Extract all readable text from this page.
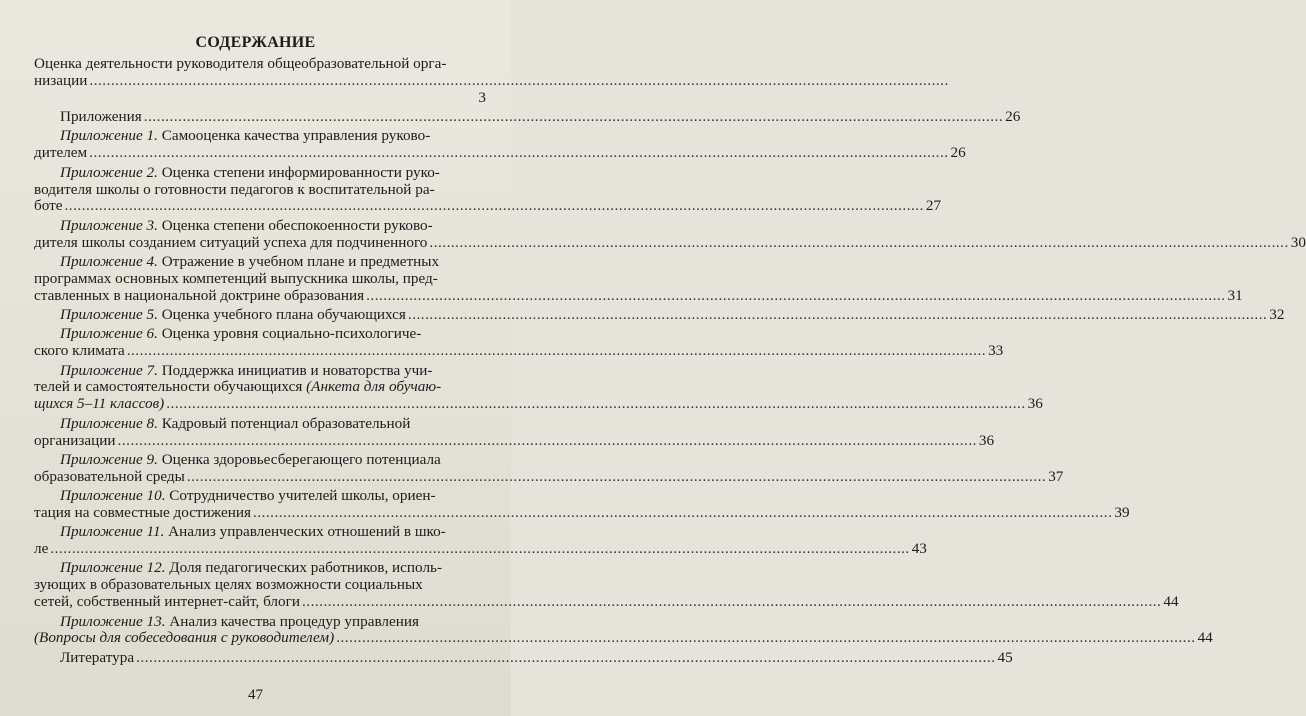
СОДЕРЖАНИЕ
Оценка деятельности руководителя общеобразовательной орга-
низации ........................................................................................................................................................................................................
3
Приложения ........................................................................................................................................................................................................ 26
Приложение 1. Самооценка качества управления руково-
дителем ........................................................................................................................................................................................................ 26
Приложение 2. Оценка степени информированности руко-
водителя школы о готовности педагогов к воспитательной ра-
боте ........................................................................................................................................................................................................ 27
Приложение 3. Оценка степени обеспокоенности руково-
дителя школы созданием ситуаций успеха для подчиненного ........................................................................................................................................................................................................ 30
Приложение 4. Отражение в учебном плане и предметных
программах основных компетенций выпускника школы, пред-
ставленных в национальной доктрине образования ........................................................................................................................................................................................................ 31
Приложение 5. Оценка учебного плана обучающихся ........................................................................................................................................................................................................ 32
Приложение 6. Оценка уровня социально-психологиче-
ского климата ........................................................................................................................................................................................................ 33
Приложение 7. Поддержка инициатив и новаторства учи-
телей и самостоятельности обучающихся (Анкета для обучаю-
щихся 5–11 классов) ........................................................................................................................................................................................................ 36
Приложение 8. Кадровый потенциал образовательной
организации ........................................................................................................................................................................................................ 36
Приложение 9. Оценка здоровьесберегающего потенциала
образовательной среды ........................................................................................................................................................................................................ 37
Приложение 10. Сотрудничество учителей школы, ориен-
тация на совместные достижения ........................................................................................................................................................................................................ 39
Приложение 11. Анализ управленческих отношений в шко-
ле ........................................................................................................................................................................................................ 43
Приложение 12. Доля педагогических работников, исполь-
зующих в образовательных целях возможности социальных
сетей, собственный интернет-сайт, блоги ........................................................................................................................................................................................................ 44
Приложение 13. Анализ качества процедур управления
(Вопросы для собеседования с руководителем) ........................................................................................................................................................................................................ 44
Литература ........................................................................................................................................................................................................ 45
47
